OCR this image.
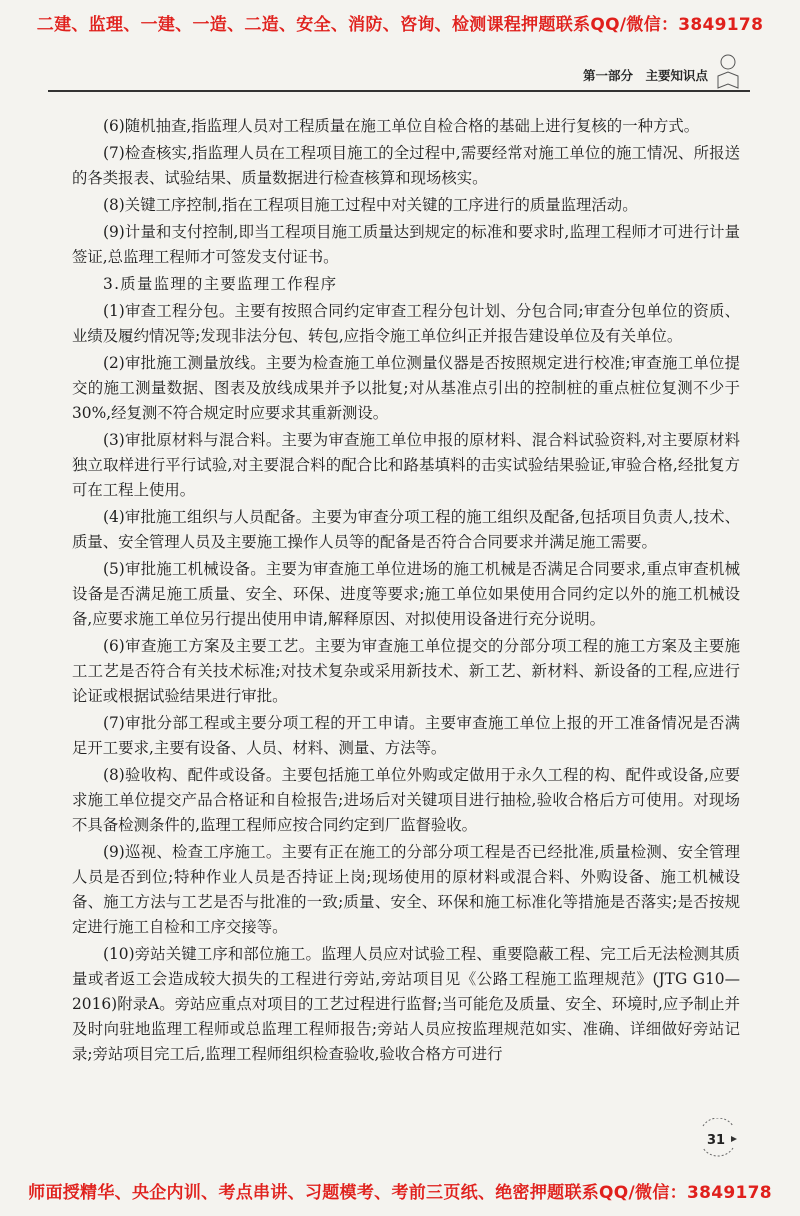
二建、监理、一建、一造、二造、安全、消防、咨询、检测课程押题联系QQ/微信：3849178
第一部分　主要知识点

(6)随机抽查,指监理人员对工程质量在施工单位自检合格的基础上进行复核的一种方式。

(7)检查核实,指监理人员在工程项目施工的全过程中,需要经常对施工单位的施工情况、所报送的各类报表、试验结果、质量数据进行检查核算和现场核实。

(8)关键工序控制,指在工程项目施工过程中对关键的工序进行的质量监理活动。

(9)计量和支付控制,即当工程项目施工质量达到规定的标准和要求时,监理工程师才可进行计量签证,总监理工程师才可签发支付证书。

3.质量监理的主要监理工作程序

(1)审查工程分包。主要有按照合同约定审查工程分包计划、分包合同;审查分包单位的资质、业绩及履约情况等;发现非法分包、转包,应指令施工单位纠正并报告建设单位及有关单位。

(2)审批施工测量放线。主要为检查施工单位测量仪器是否按照规定进行校准;审查施工单位提交的施工测量数据、图表及放线成果并予以批复;对从基准点引出的控制桩的重点桩位复测不少于30%,经复测不符合规定时应要求其重新测设。

(3)审批原材料与混合料。主要为审查施工单位申报的原材料、混合料试验资料,对主要原材料独立取样进行平行试验,对主要混合料的配合比和路基填料的击实试验结果验证,审验合格,经批复方可在工程上使用。

(4)审批施工组织与人员配备。主要为审查分项工程的施工组织及配备,包括项目负责人,技术、质量、安全管理人员及主要施工操作人员等的配备是否符合合同要求并满足施工需要。

(5)审批施工机械设备。主要为审查施工单位进场的施工机械是否满足合同要求,重点审查机械设备是否满足施工质量、安全、环保、进度等要求;施工单位如果使用合同约定以外的施工机械设备,应要求施工单位另行提出使用申请,解释原因、对拟使用设备进行充分说明。

(6)审查施工方案及主要工艺。主要为审查施工单位提交的分部分项工程的施工方案及主要施工工艺是否符合有关技术标准;对技术复杂或采用新技术、新工艺、新材料、新设备的工程,应进行论证或根据试验结果进行审批。

(7)审批分部工程或主要分项工程的开工申请。主要审查施工单位上报的开工准备情况是否满足开工要求,主要有设备、人员、材料、测量、方法等。

(8)验收构、配件或设备。主要包括施工单位外购或定做用于永久工程的构、配件或设备,应要求施工单位提交产品合格证和自检报告;进场后对关键项目进行抽检,验收合格后方可使用。对现场不具备检测条件的,监理工程师应按合同约定到厂监督验收。

(9)巡视、检查工序施工。主要有正在施工的分部分项工程是否已经批准,质量检测、安全管理人员是否到位;特种作业人员是否持证上岗;现场使用的原材料或混合料、外购设备、施工机械设备、施工方法与工艺是否与批准的一致;质量、安全、环保和施工标准化等措施是否落实;是否按规定进行施工自检和工序交接等。

(10)旁站关键工序和部位施工。监理人员应对试验工程、重要隐蔽工程、完工后无法检测其质量或者返工会造成较大损失的工程进行旁站,旁站项目见《公路工程施工监理规范》(JTG G10—2016)附录A。旁站应重点对项目的工艺过程进行监督;当可能危及质量、安全、环境时,应予制止并及时向驻地监理工程师或总监理工程师报告;旁站人员应按监理规范如实、准确、详细做好旁站记录;旁站项目完工后,监理工程师组织检查验收,验收合格方可进行

31
师面授精华、央企内训、考点串讲、习题模考、考前三页纸、绝密押题联系QQ/微信：3849178
